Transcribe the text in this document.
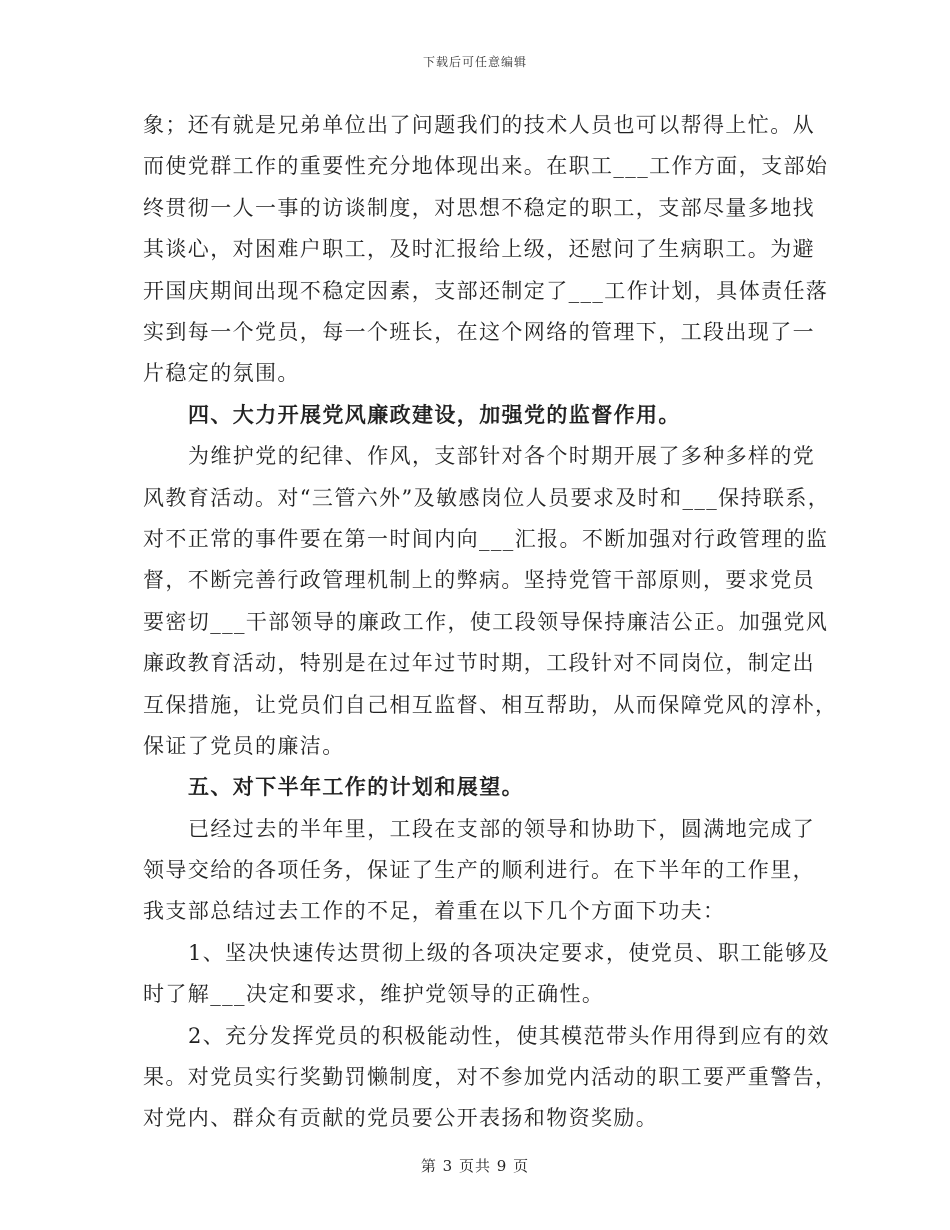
下载后可任意编辑
象；还有就是兄弟单位出了问题我们的技术人员也可以帮得上忙。从
而使党群工作的重要性充分地体现出来。在职工___工作方面，支部始
终贯彻一人一事的访谈制度，对思想不稳定的职工，支部尽量多地找
其谈心，对困难户职工，及时汇报给上级，还慰问了生病职工。为避
开国庆期间出现不稳定因素，支部还制定了___工作计划，具体责任落
实到每一个党员，每一个班长，在这个网络的管理下，工段出现了一
片稳定的氛围。
四、大力开展党风廉政建设，加强党的监督作用。
为维护党的纪律、作风，支部针对各个时期开展了多种多样的党
风教育活动。对“三管六外”及敏感岗位人员要求及时和___保持联系，
对不正常的事件要在第一时间内向___汇报。不断加强对行政管理的监
督，不断完善行政管理机制上的弊病。坚持党管干部原则，要求党员
要密切___干部领导的廉政工作，使工段领导保持廉洁公正。加强党风
廉政教育活动，特别是在过年过节时期，工段针对不同岗位，制定出
互保措施，让党员们自己相互监督、相互帮助，从而保障党风的淳朴，
保证了党员的廉洁。
五、对下半年工作的计划和展望。
已经过去的半年里，工段在支部的领导和协助下，圆满地完成了
领导交给的各项任务，保证了生产的顺利进行。在下半年的工作里，
我支部总结过去工作的不足，着重在以下几个方面下功夫：
1、坚决快速传达贯彻上级的各项决定要求，使党员、职工能够及
时了解___决定和要求，维护党领导的正确性。
2、充分发挥党员的积极能动性，使其模范带头作用得到应有的效
果。对党员实行奖勤罚懒制度，对不参加党内活动的职工要严重警告，
对党内、群众有贡献的党员要公开表扬和物资奖励。
第 3 页共 9 页
